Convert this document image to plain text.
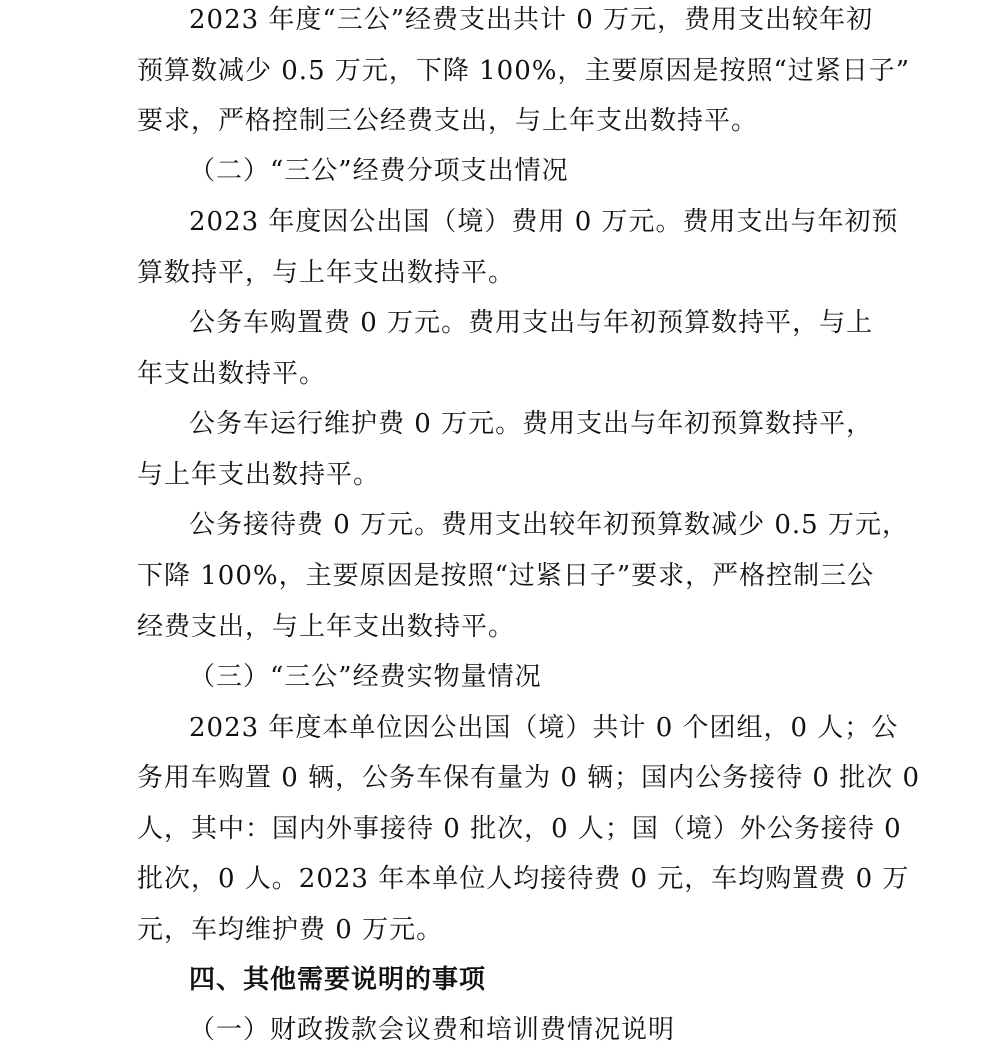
2023 年度“三公”经费支出共计 0 万元，费用支出较年初
预算数减少 0.5 万元，下降 100%，主要原因是按照“过紧日子”
要求，严格控制三公经费支出，与上年支出数持平。
（二）“三公”经费分项支出情况
2023 年度因公出国（境）费用 0 万元。费用支出与年初预
算数持平，与上年支出数持平。
公务车购置费 0 万元。费用支出与年初预算数持平，与上
年支出数持平。
公务车运行维护费 0 万元。费用支出与年初预算数持平，
与上年支出数持平。
公务接待费 0 万元。费用支出较年初预算数减少 0.5 万元，
下降 100%，主要原因是按照“过紧日子”要求，严格控制三公
经费支出，与上年支出数持平。
（三）“三公”经费实物量情况
2023 年度本单位因公出国（境）共计 0 个团组，0 人；公
务用车购置 0 辆，公务车保有量为 0 辆；国内公务接待 0 批次 0
人，其中：国内外事接待 0 批次，0 人；国（境）外公务接待 0
批次，0 人。2023 年本单位人均接待费 0 元，车均购置费 0 万
元，车均维护费 0 万元。
四、其他需要说明的事项
（一）财政拨款会议费和培训费情况说明
